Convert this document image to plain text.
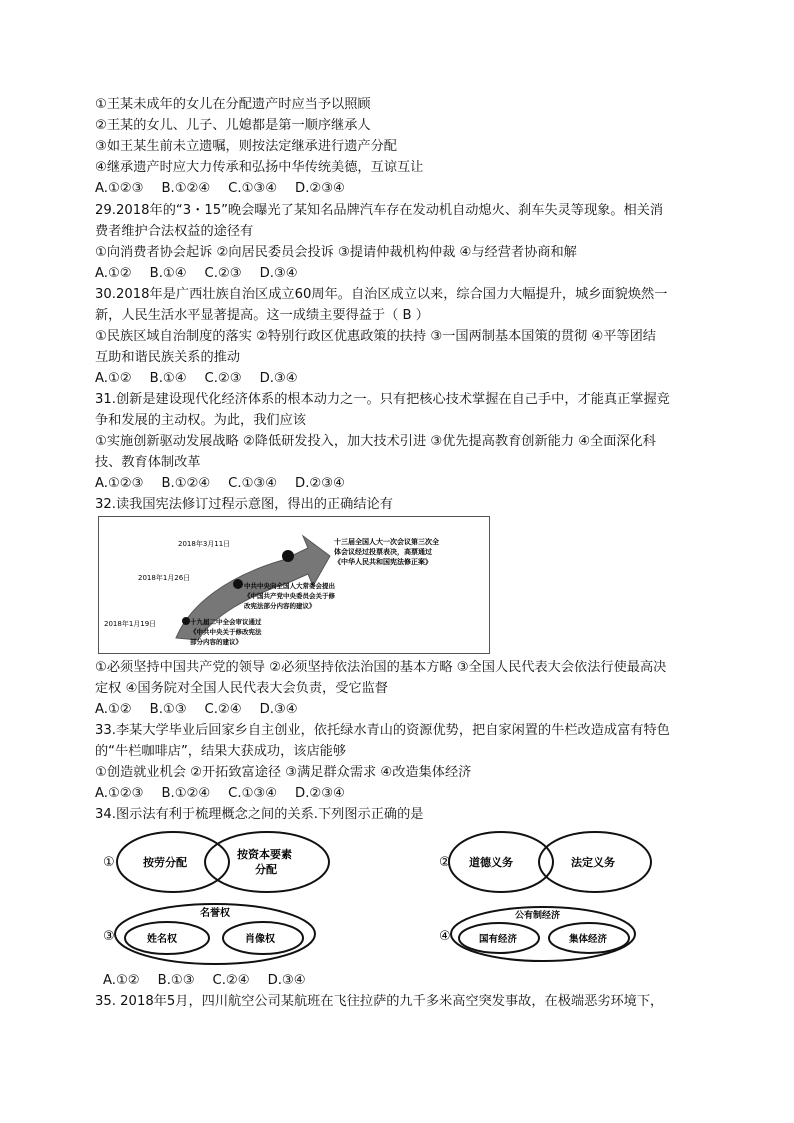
①王某未成年的女儿在分配遗产时应当予以照顾
②王某的女儿、儿子、儿媳都是第一顺序继承人
③如王某生前未立遗嘱，则按法定继承进行遗产分配
④继承遗产时应大力传承和弘扬中华传统美德，互谅互让
A.①②③ B.①②④ C.①③④ D.②③④
29.2018年的“3・15”晚会曝光了某知名品牌汽车存在发动机自动熄火、刹车失灵等现象。相关消
费者维护合法权益的途径有
①向消费者协会起诉 ②向居民委员会投诉 ③提请仲裁机构仲裁 ④与经营者协商和解
A.①② B.①④ C.②③ D.③④
30.2018年是广西壮族自治区成立60周年。自治区成立以来，综合国力大幅提升，城乡面貌焕然一
新，人民生活水平显著提高。这一成绩主要得益于（ B ）
①民族区域自治制度的落实 ②特别行政区优惠政策的扶持 ③一国两制基本国策的贯彻 ④平等团结
互助和谐民族关系的推动
A.①② B.①④ C.②③ D.③④
31.创新是建设现代化经济体系的根本动力之一。只有把核心技术掌握在自己手中，才能真正掌握竞
争和发展的主动权。为此，我们应该
①实施创新驱动发展战略 ②降低研发投入，加大技术引进 ③优先提高教育创新能力 ④全面深化科
技、教育体制改革
A.①②③ B.①②④ C.①③④ D.②③④
32.读我国宪法修订过程示意图，得出的正确结论有
2018年3月11日
2018年1月26日
2018年1月19日
十三届全国人大一次会议第三次全
体会议经过投票表决，高票通过
《中华人民共和国宪法修正案》
中共中央向全国人大常委会提出
《中国共产党中央委员会关于修
改宪法部分内容的建议》
十九届二中全会审议通过
《中共中央关于修改宪法
部分内容的建议》
①必须坚持中国共产党的领导 ②必须坚持依法治国的基本方略 ③全国人民代表大会依法行使最高决
定权 ④国务院对全国人民代表大会负责，受它监督
A.①② B.①③ C.②④ D.③④
33.李某大学毕业后回家乡自主创业，依托绿水青山的资源优势，把自家闲置的牛栏改造成富有特色
的“牛栏咖啡店”，结果大获成功，该店能够
①创造就业机会 ②开拓致富途径 ③满足群众需求 ④改造集体经济
A.①②③ B.①②④ C.①③④ D.②③④
34.图示法有利于梳理概念之间的关系.下列图示正确的是
①	按劳分配
按资本要素
分配	② 道德义务	法定义务
③
名誉权
姓名权	肖像权	④
公有制经济
国有经济	集体经济
A.①② B.①③ C.②④ D.③④
35. 2018年5月，四川航空公司某航班在飞往拉萨的九千多米高空突发事故，在极端恶劣环境下，
